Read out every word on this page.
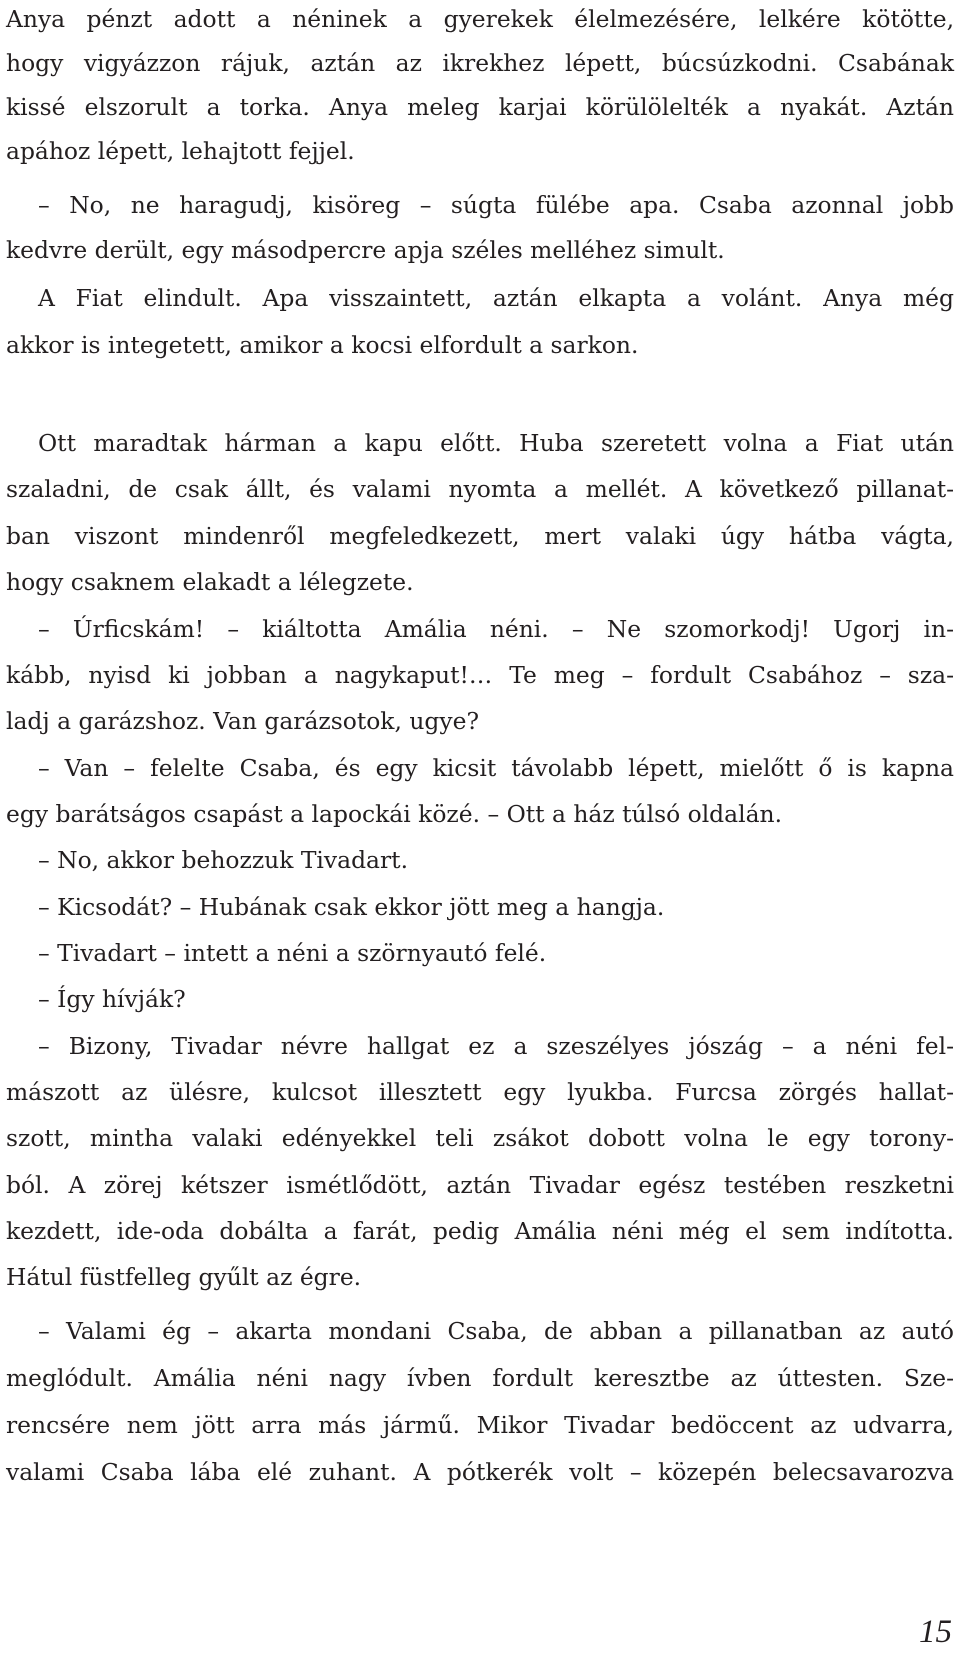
Anya pénzt adott a néninek a gyerekek élelmezésére, lelkére kötötte,
hogy vigyázzon rájuk, aztán az ikrekhez lépett, búcsúzkodni. Csabának
kissé elszorult a torka. Anya meleg karjai körülölelték a nyakát. Aztán
apához lépett, lehajtott fejjel.
– No, ne haragudj, kisöreg – súgta fülébe apa. Csaba azonnal jobb
kedvre derült, egy másodpercre apja széles melléhez simult.
A Fiat elindult. Apa visszaintett, aztán elkapta a volánt. Anya még
akkor is integetett, amikor a kocsi elfordult a sarkon.
Ott maradtak hárman a kapu előtt. Huba szeretett volna a Fiat után
szaladni, de csak állt, és valami nyomta a mellét. A következő pillanat-
ban viszont mindenről megfeledkezett, mert valaki úgy hátba vágta,
hogy csaknem elakadt a lélegzete.
– Úrficskám! – kiáltotta Amália néni. – Ne szomorkodj! Ugorj in-
kább, nyisd ki jobban a nagykaput!… Te meg – fordult Csabához – sza-
ladj a garázshoz. Van garázsotok, ugye?
– Van – felelte Csaba, és egy kicsit távolabb lépett, mielőtt ő is kapna
egy barátságos csapást a lapockái közé. – Ott a ház túlsó oldalán.
– No, akkor behozzuk Tivadart.
– Kicsodát? – Hubának csak ekkor jött meg a hangja.
– Tivadart – intett a néni a szörnyautó felé.
– Így hívják?
– Bizony, Tivadar névre hallgat ez a szeszélyes jószág – a néni fel-
mászott az ülésre, kulcsot illesztett egy lyukba. Furcsa zörgés hallat-
szott, mintha valaki edényekkel teli zsákot dobott volna le egy torony-
ból. A zörej kétszer ismétlődött, aztán Tivadar egész testében reszketni
kezdett, ide-oda dobálta a farát, pedig Amália néni még el sem indította.
Hátul füstfelleg gyűlt az égre.
– Valami ég – akarta mondani Csaba, de abban a pillanatban az autó
meglódult. Amália néni nagy ívben fordult keresztbe az úttesten. Sze-
rencsére nem jött arra más jármű. Mikor Tivadar bedöccent az udvarra,
valami Csaba lába elé zuhant. A pótkerék volt – közepén belecsavarozva
15
